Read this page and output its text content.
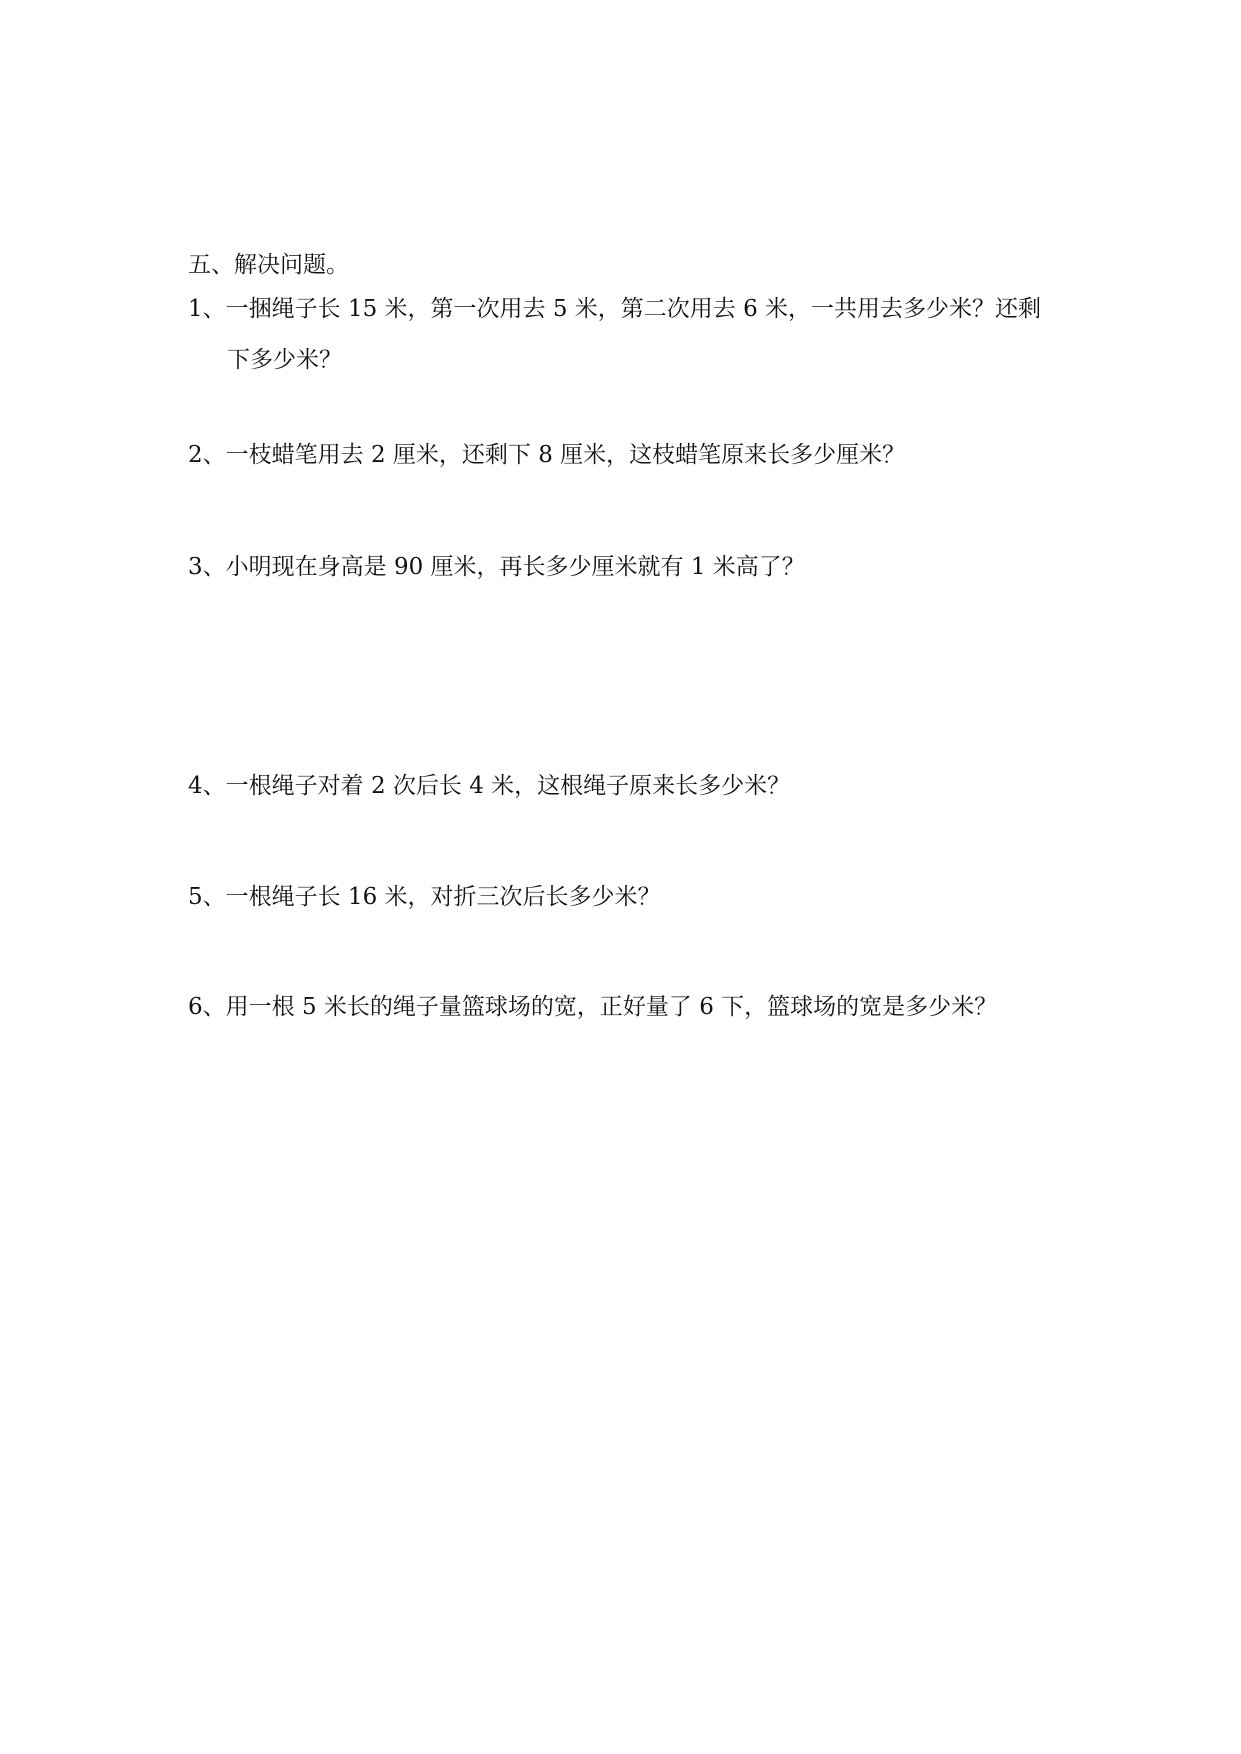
五、解决问题。
1、一捆绳子长 15 米，第一次用去 5 米，第二次用去 6 米，一共用去多少米？还剩
下多少米？
2、一枝蜡笔用去 2 厘米，还剩下 8 厘米，这枝蜡笔原来长多少厘米？
3、小明现在身高是 90 厘米，再长多少厘米就有 1 米高了？
4、一根绳子对着 2 次后长 4 米，这根绳子原来长多少米？
5、一根绳子长 16 米，对折三次后长多少米？
6、用一根 5 米长的绳子量篮球场的宽，正好量了 6 下，篮球场的宽是多少米？
